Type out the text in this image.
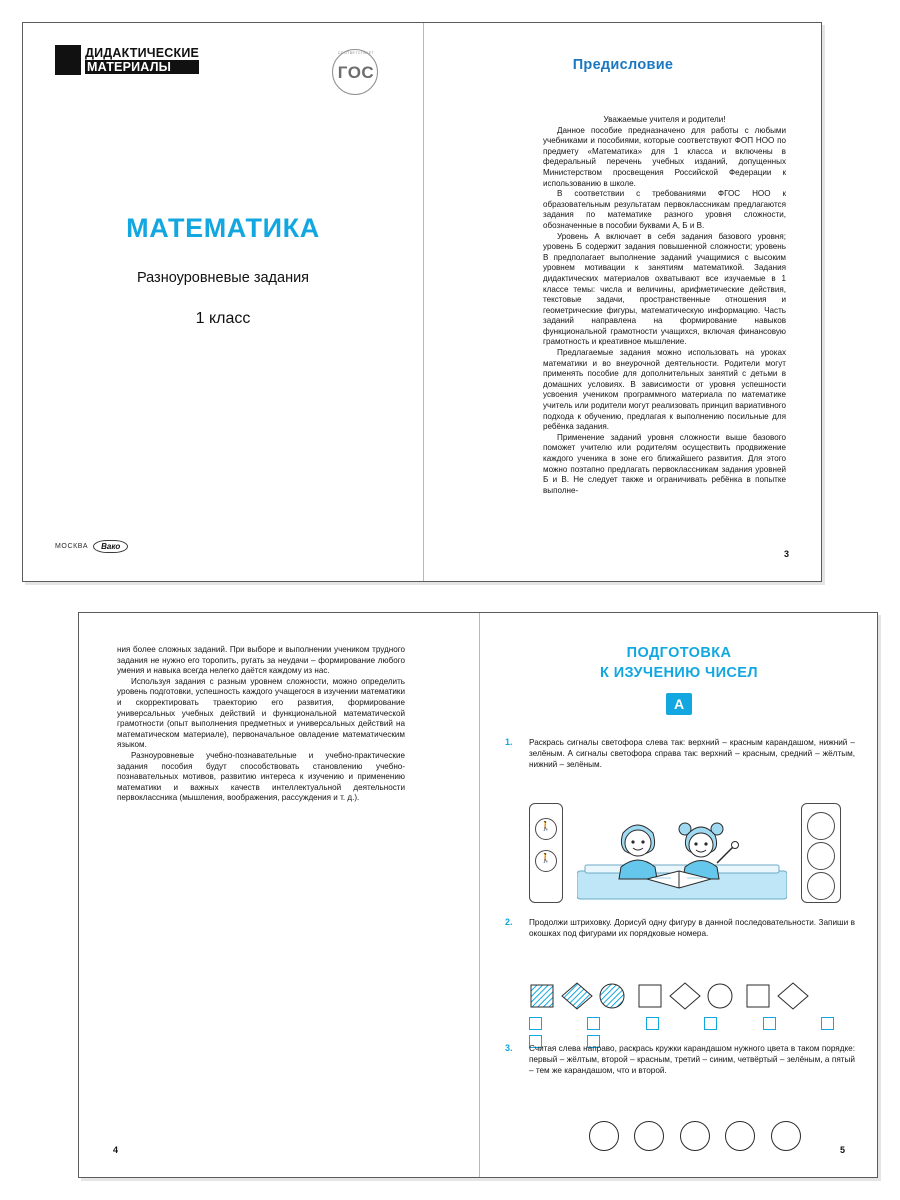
ДИДАКТИЧЕСКИЕ
МАТЕРИАЛЫ
СООТВЕТСТВУЕТ
ГОС
МАТЕМАТИКА
Разноуровневые задания
1 класс
МОСКВА	Вако
Предисловие

Уважаемые учителя и родители!

Данное пособие предназначено для работы с любыми учебниками и пособиями, которые соответствуют ФОП НОО по предмету «Математика» для 1 класса и включены в федеральный перечень учебных изданий, допущенных Министерством просвещения Российской Федерации к использованию в школе.

В соответствии с требованиями ФГОС НОО к образовательным результатам первоклассникам предлагаются задания по математике разного уровня сложности, обозначенные в пособии буквами А, Б и В.

Уровень А включает в себя задания базового уровня; уровень Б содержит задания повышенной сложности; уровень В предполагает выполнение заданий учащимися с высоким уровнем мотивации к занятиям математикой. Задания дидактических материалов охватывают все изучаемые в 1 классе темы: числа и величины, арифметические действия, текстовые задачи, пространственные отношения и геометрические фигуры, математическую информацию. Часть заданий направлена на формирование навыков функциональной грамотности учащихся, включая финансовую грамотность и креативное мышление.

Предлагаемые задания можно использовать на уроках математики и во внеурочной деятельности. Родители могут применять пособие для дополнительных занятий с детьми в домашних условиях. В зависимости от уровня успешности усвоения учеником программного материала по математике учитель или родители могут реализовать принцип вариативного подхода к обучению, предлагая к выполнению посильные для ребёнка задания.

Применение заданий уровня сложности выше базового поможет учителю или родителям осуществить продвижение каждого ученика в зоне его ближайшего развития. Для этого можно поэтапно предлагать первоклассникам задания уровней Б и В. Не следует также и ограничивать ребёнка в попытке выполне-

3

ния более сложных заданий. При выборе и выполнении учеником трудного задания не нужно его торопить, ругать за неудачи – формирование любого умения и навыка всегда нелегко даётся каждому из нас.

Используя задания с разным уровнем сложности, можно определить уровень подготовки, успешность каждого учащегося в изучении математики и скорректировать траекторию его развития, формирование универсальных учебных действий и функциональной математической грамотности (опыт выполнения предметных и универсальных действий на математическом материале), первоначальное овладение математическим языком.

Разноуровневые учебно-познавательные и учебно-практические задания пособия будут способствовать становлению учебно-познавательных мотивов, развитию интереса к изучению и применению математики и важных качеств интеллектуальной деятельности первоклассника (мышления, воображения, рассуждения и т. д.).

4
ПОДГОТОВКА
К ИЗУЧЕНИЮ ЧИСЕЛ
А
1.	Раскрась сигналы светофора слева так: верхний – красным карандашом, нижний – зелёным. А сигналы светофора справа так: верхний – красным, средний – жёлтым, нижний – зелёным.
🚶
🚶
2.	Продолжи штриховку. Дорисуй одну фигуру в данной последовательности. Запиши в окошках под фигурами их порядковые номера.

3.	Считая слева направо, раскрась кружки карандашом нужного цвета в таком порядке: первый – жёлтым, второй – красным, третий – синим, четвёртый – зелёным, а пятый – тем же карандашом, что и второй.

5
